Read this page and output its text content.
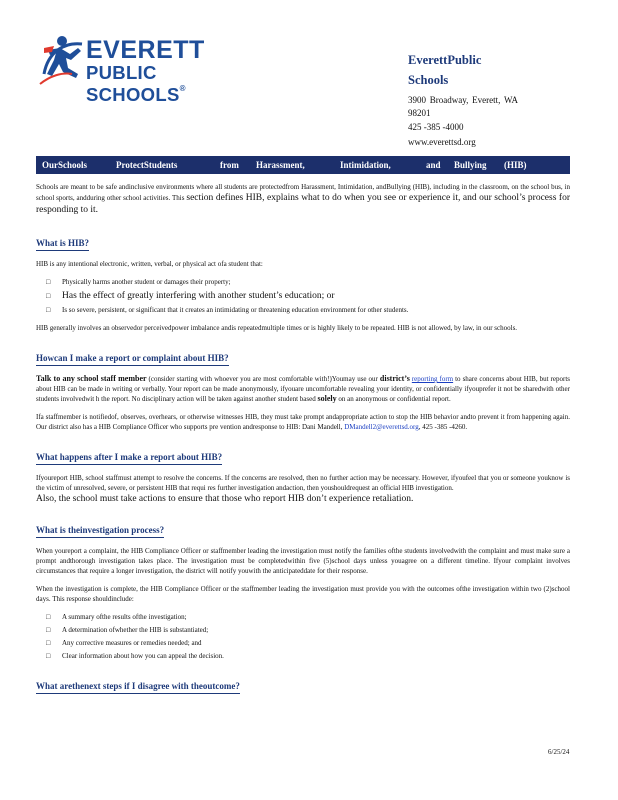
EVERETT
PUBLIC SCHOOLS®
EverettPublic
Schools
3900 Broadway, Everett, WA 98201
425 -385 -4000
www.everettsd.org
OurSchools	ProtectStudents	from Harassment,	Intimidation,	and Bullying (HIB)
Schools are meant to be safe andinclusive environments where all students are protectedfrom Harassment, Intimidation, andBullying (HIB), including in the classroom, on the school bus, in school sports, andduring other school activities. This section defines HIB, explains what to do when you see or experience it, and our school’s process for responding to it.
What is HIB?
HIB is any intentional electronic, written, verbal, or physical act ofa student that:
□ Physically harms another student or damages their property;
□ Has the effect of greatly interfering with another student’s education; or
□ Is so severe, persistent, or significant that it creates an intimidating or threatening education environment for other students.
HIB generally involves an observedor perceivedpower imbalance andis repeatedmultiple times or is highly likely to be repeated. HIB is not allowed, by law, in our schools.
Howcan I make a report or complaint about HIB?
Talk to any school staff member (consider starting with whoever you are most comfortable with!)Youmay use our district’s reporting form to share concerns about HIB, but reports about HIB can be made in writing or verbally. Your report can be made anonymously, ifyouare uncomfortable revealing your identity, or confidentially ifyouprefer it not be sharedwith other students involvedwit h the report. No disciplinary action will be taken against another student based solely on an anonymous or confidential report.
Ifa staffmember is notifiedof, observes, overhears, or otherwise witnesses HIB, they must take prompt andappropriate action to stop the HIB behavior andto prevent it from happening again. Our district also has a HIB Compliance Officer who supports pre vention andresponse to HIB: Dani Mandell, DMandell2@everettsd.org, 425 -385 -4260.
What happens after I make a report about HIB?
Ifyoureport HIB, school staffmust attempt to resolve the concerns. If the concerns are resolved, then no further action may be necessary. However, ifyoufeel that you or someone youknow is the victim of unresolved, severe, or persistent HIB that requi res further investigation andaction, then youshouldrequest an official HIB investigation.
Also, the school must take actions to ensure that those who report HIB don’t experience retaliation.
What is theinvestigation process?
When youreport a complaint, the HIB Compliance Officer or staffmember leading the investigation must notify the families ofthe students involvedwith the complaint and must make sure a prompt andthorough investigation takes place. The investigation must be completedwithin five (5)school days unless youagree on a different timeline. Ifyour complaint involves circumstances that require a longer investigation, the district will notify youwith the anticipateddate for their response.
When the investigation is complete, the HIB Compliance Officer or the staffmember leading the investigation must provide you with the outcomes ofthe investigation within two (2)school days. This response shouldinclude:
□ A summary ofthe results ofthe investigation;
□ A determination ofwhether the HIB is substantiated;
□ Any corrective measures or remedies needed; and
□ Clear information about how you can appeal the decision.
What arethenext steps if I disagree with theoutcome?
6/25/24
